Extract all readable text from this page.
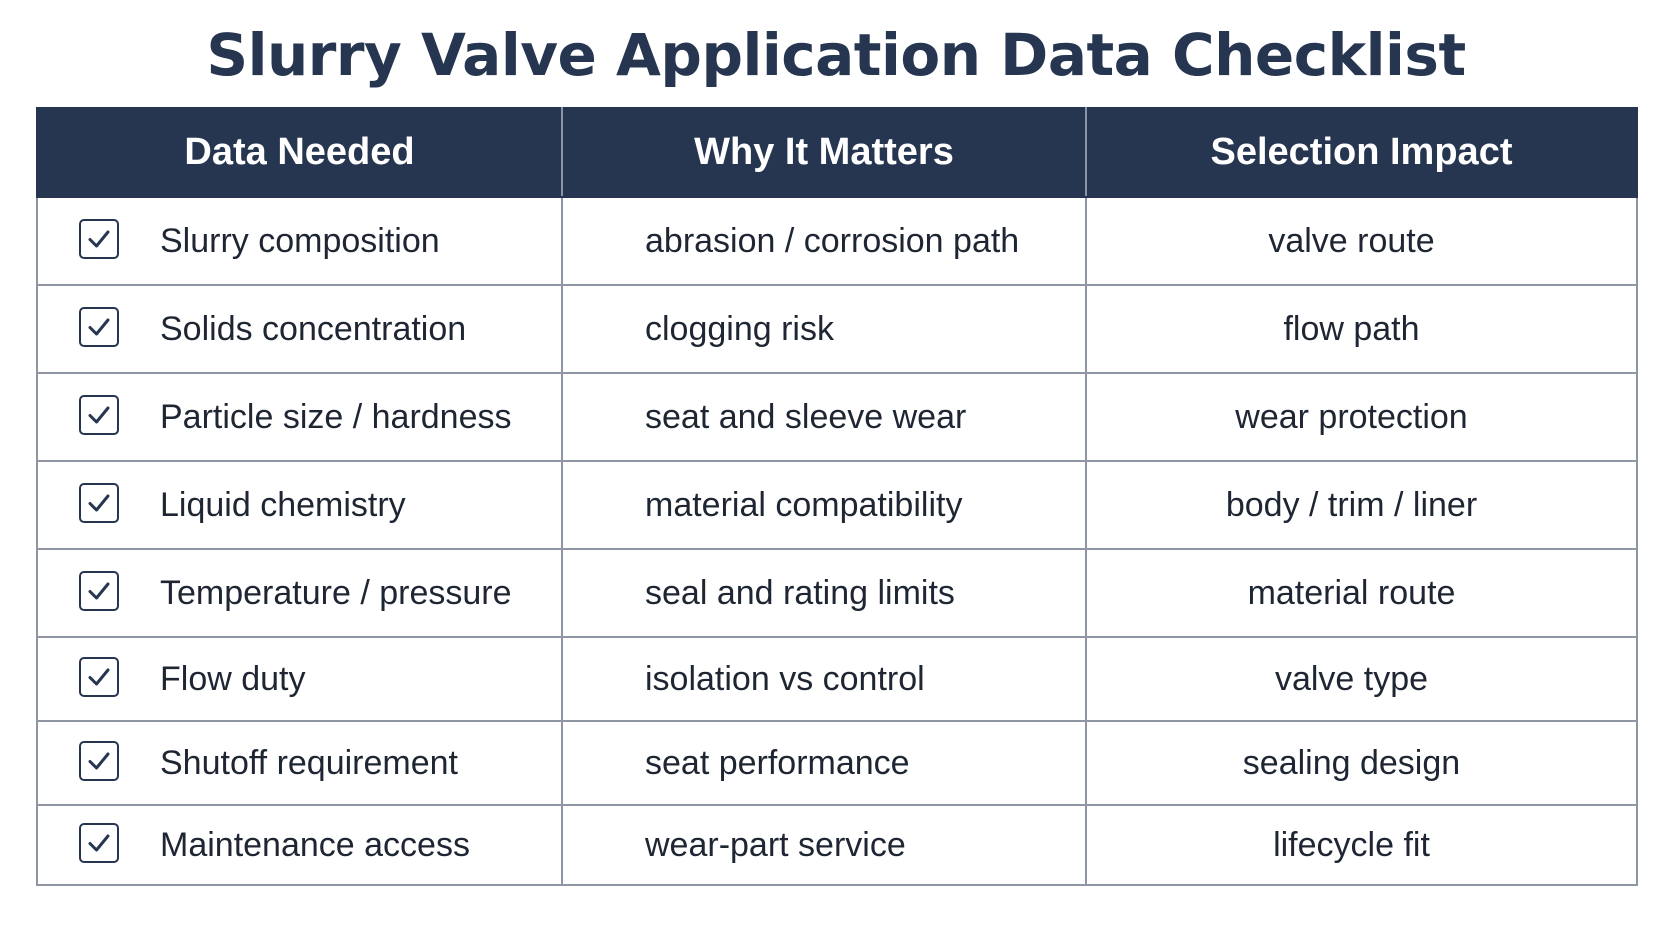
Slurry Valve Application Data Checklist
Data Needed	Why It Matters	Selection Impact

Slurry composition	abrasion / corrosion path	valve route

Solids concentration	clogging risk	flow path

Particle size / hardness	seat and sleeve wear	wear protection

Liquid chemistry	material compatibility	body / trim / liner

Temperature / pressure	seal and rating limits	material route

Flow duty	isolation vs control	valve type

Shutoff requirement	seat performance	sealing design

Maintenance access	wear-part service	lifecycle fit
